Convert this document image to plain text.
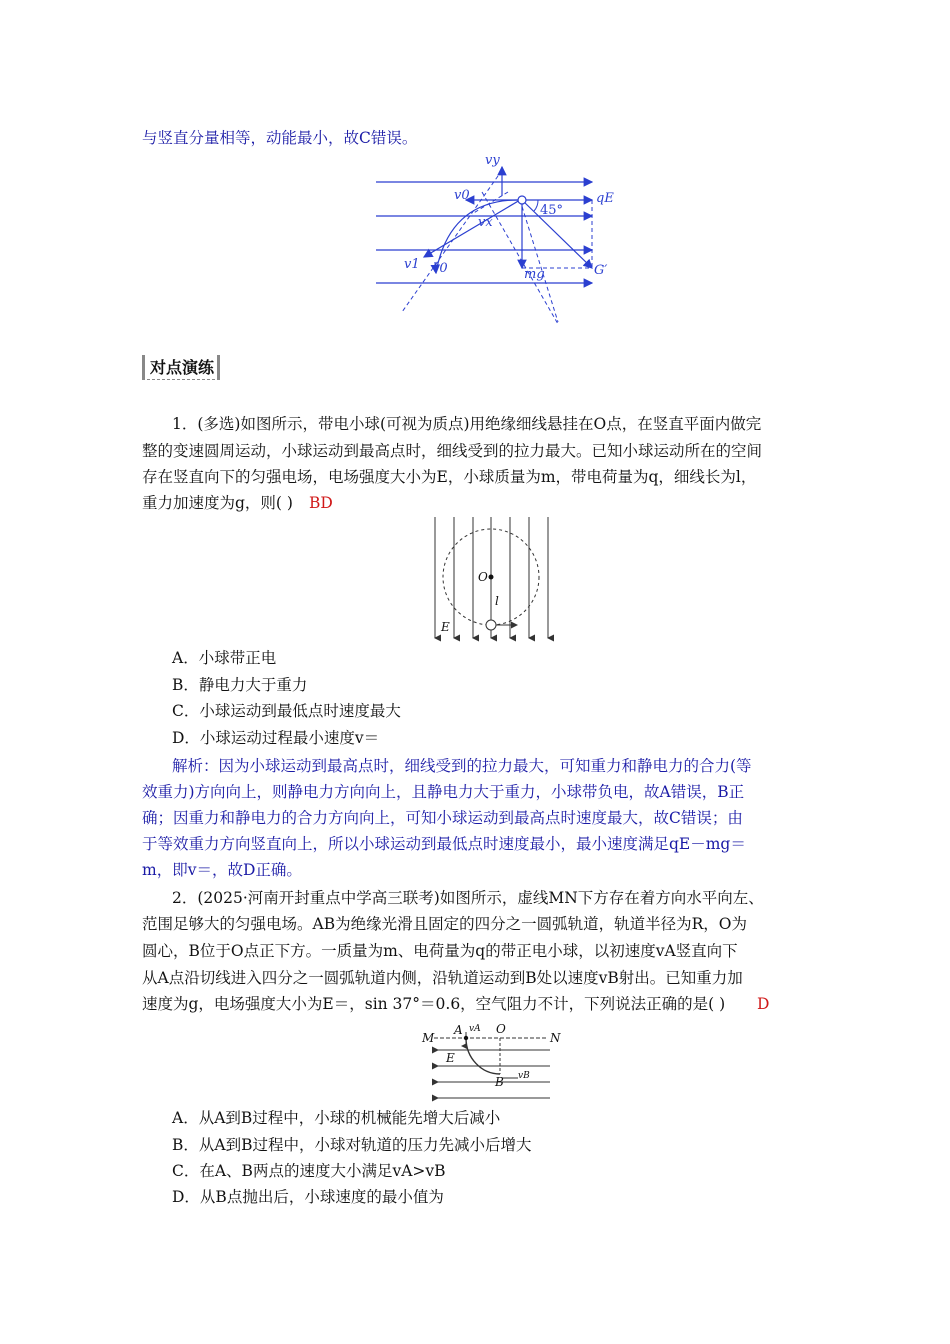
与竖直分量相等，动能最小，故C错误。
vy
v0
vx
45°
qE
v1 v0	mg	G′
对点演练
1．(多选)如图所示，带电小球(可视为质点)用绝缘细线悬挂在O点，在竖直平面内做完
整的变速圆周运动，小球运动到最高点时，细线受到的拉力最大。已知小球运动所在的空间
存在竖直向下的匀强电场，电场强度大小为E，小球质量为m，带电荷量为q，细线长为l，
重力加速度为g，则( ) BD
O
l
E
A．小球带正电
B．静电力大于重力
C．小球运动到最低点时速度最大
D．小球运动过程最小速度v＝
解析：因为小球运动到最高点时，细线受到的拉力最大，可知重力和静电力的合力(等
效重力)方向向上，则静电力方向向上，且静电力大于重力，小球带负电，故A错误，B正
确；因重力和静电力的合力方向向上，可知小球运动到最高点时速度最大，故C错误；由
于等效重力方向竖直向上，所以小球运动到最低点时速度最小，最小速度满足qE－mg＝
m，即v＝，故D正确。
2．(2025·河南开封重点中学高三联考)如图所示，虚线MN下方存在着方向水平向左、
范围足够大的匀强电场。AB为绝缘光滑且固定的四分之一圆弧轨道，轨道半径为R，O为
圆心，B位于O点正下方。一质量为m、电荷量为q的带正电小球，以初速度vA竖直向下
从A点沿切线进入四分之一圆弧轨道内侧，沿轨道运动到B处以速度vB射出。已知重力加
速度为g，电场强度大小为E＝，sin 37°＝0.6，空气阻力不计，下列说法正确的是( ) D
M
A vA O
N
E
B vB
A．从A到B过程中，小球的机械能先增大后减小
B．从A到B过程中，小球对轨道的压力先减小后增大
C．在A、B两点的速度大小满足vA>vB
D．从B点抛出后，小球速度的最小值为
